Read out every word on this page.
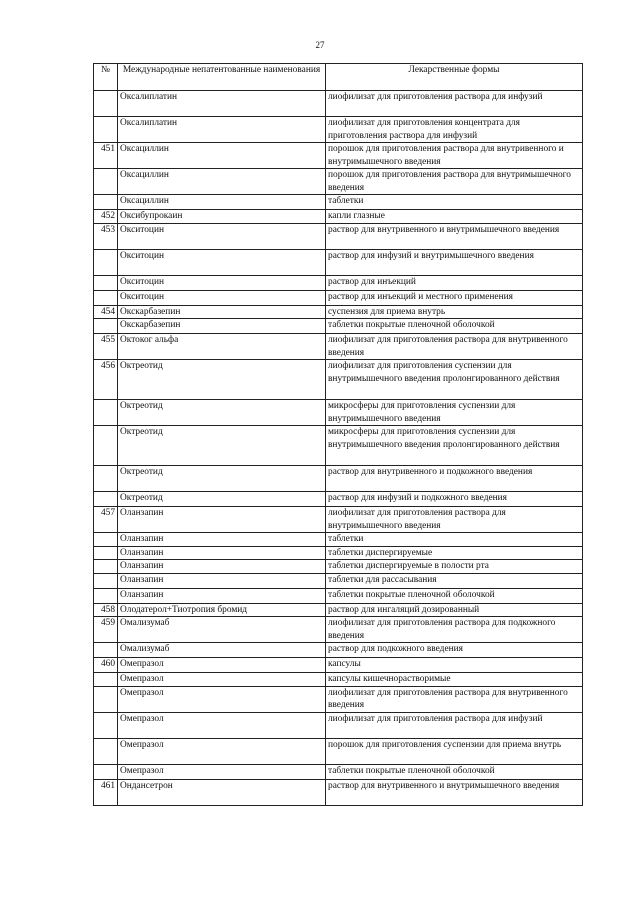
27
№	Международные непатентованные наименования	Лекарственные формы
	Оксалиплатин	лиофилизат для приготовления раствора для инфузий
	Оксалиплатин	лиофилизат для приготовления концентрата для приготовления раствора для инфузий
451	Оксациллин	порошок для приготовления раствора для внутривенного и внутримышечного введения
	Оксациллин	порошок для приготовления раствора для внутримышечного введения
	Оксациллин	таблетки
452	Оксибупрокаин	капли глазные
453	Окситоцин	раствор для внутривенного и внутримышечного введения
	Окситоцин	раствор для инфузий и внутримышечного введения
	Окситоцин	раствор для инъекций
	Окситоцин	раствор для инъекций и местного применения
454	Окскарбазепин	суспензия для приема внутрь
	Окскарбазепин	таблетки покрытые пленочной оболочкой
455	Октоког альфа	лиофилизат для приготовления раствора для внутривенного введения
456	Октреотид	лиофилизат для приготовления суспензии для внутримышечного введения пролонгированного действия
	Октреотид	микросферы для приготовления суспензии для внутримышечного введения
	Октреотид	микросферы для приготовления суспензии для внутримышечного введения пролонгированного действия
	Октреотид	раствор для внутривенного и подкожного введения
	Октреотид	раствор для инфузий и подкожного введения
457	Оланзапин	лиофилизат для приготовления раствора для внутримышечного введения
	Оланзапин	таблетки
	Оланзапин	таблетки диспергируемые
	Оланзапин	таблетки диспергируемые в полости рта
	Оланзапин	таблетки для рассасывания
	Оланзапин	таблетки покрытые пленочной оболочкой
458	Олодатерол+Тиотропия бромид	раствор для ингаляций дозированный
459	Омализумаб	лиофилизат для приготовления раствора для подкожного введения
	Омализумаб	раствор для подкожного введения
460	Омепразол	капсулы
	Омепразол	капсулы кишечнорастворимые
	Омепразол	лиофилизат для приготовления раствора для внутривенного введения
	Омепразол	лиофилизат для приготовления раствора для инфузий
	Омепразол	порошок для приготовления суспензии для приема внутрь
	Омепразол	таблетки покрытые пленочной оболочкой
461	Ондансетрон	раствор для внутривенного и внутримышечного введения
